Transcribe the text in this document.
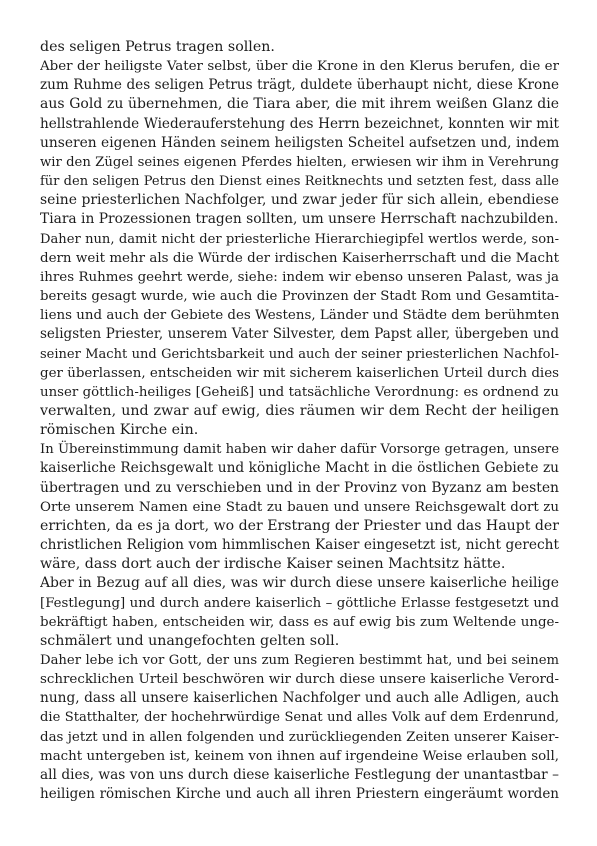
des seligen Petrus tragen sollen.
Aber der heiligste Vater selbst, über die Krone in den Klerus berufen, die er
zum Ruhme des seligen Petrus trägt, duldete überhaupt nicht, diese Krone
aus Gold zu übernehmen, die Tiara aber, die mit ihrem weißen Glanz die
hellstrahlende Wiederauferstehung des Herrn bezeichnet, konnten wir mit
unseren eigenen Händen seinem heiligsten Scheitel aufsetzen und, indem
wir den Zügel seines eigenen Pferdes hielten, erwiesen wir ihm in Verehrung
für den seligen Petrus den Dienst eines Reitknechts und setzten fest, dass alle
seine priesterlichen Nachfolger, und zwar jeder für sich allein, ebendiese
Tiara in Prozessionen tragen sollten, um unsere Herrschaft nachzubilden.
Daher nun, damit nicht der priesterliche Hierarchiegipfel wertlos werde, son-
dern weit mehr als die Würde der irdischen Kaiserherrschaft und die Macht
ihres Ruhmes geehrt werde, siehe: indem wir ebenso unseren Palast, was ja
bereits gesagt wurde, wie auch die Provinzen der Stadt Rom und Gesamtita-
liens und auch der Gebiete des Westens, Länder und Städte dem berühmten
seligsten Priester, unserem Vater Silvester, dem Papst aller, übergeben und
seiner Macht und Gerichtsbarkeit und auch der seiner priesterlichen Nachfol-
ger überlassen, entscheiden wir mit sicherem kaiserlichen Urteil durch dies
unser göttlich-heiliges [Geheiß] und tatsächliche Verordnung: es ordnend zu
verwalten, und zwar auf ewig, dies räumen wir dem Recht der heiligen
römischen Kirche ein.
In Übereinstimmung damit haben wir daher dafür Vorsorge getragen, unsere
kaiserliche Reichsgewalt und königliche Macht in die östlichen Gebiete zu
übertragen und zu verschieben und in der Provinz von Byzanz am besten
Orte unserem Namen eine Stadt zu bauen und unsere Reichsgewalt dort zu
errichten, da es ja dort, wo der Erstrang der Priester und das Haupt der
christlichen Religion vom himmlischen Kaiser eingesetzt ist, nicht gerecht
wäre, dass dort auch der irdische Kaiser seinen Machtsitz hätte.
Aber in Bezug auf all dies, was wir durch diese unsere kaiserliche heilige
[Festlegung] und durch andere kaiserlich – göttliche Erlasse festgesetzt und
bekräftigt haben, entscheiden wir, dass es auf ewig bis zum Weltende unge-
schmälert und unangefochten gelten soll.
Daher lebe ich vor Gott, der uns zum Regieren bestimmt hat, und bei seinem
schrecklichen Urteil beschwören wir durch diese unsere kaiserliche Verord-
nung, dass all unsere kaiserlichen Nachfolger und auch alle Adligen, auch
die Statthalter, der hochehrwürdige Senat und alles Volk auf dem Erdenrund,
das jetzt und in allen folgenden und zurückliegenden Zeiten unserer Kaiser-
macht untergeben ist, keinem von ihnen auf irgendeine Weise erlauben soll,
all dies, was von uns durch diese kaiserliche Festlegung der unantastbar –
heiligen römischen Kirche und auch all ihren Priestern eingeräumt worden
